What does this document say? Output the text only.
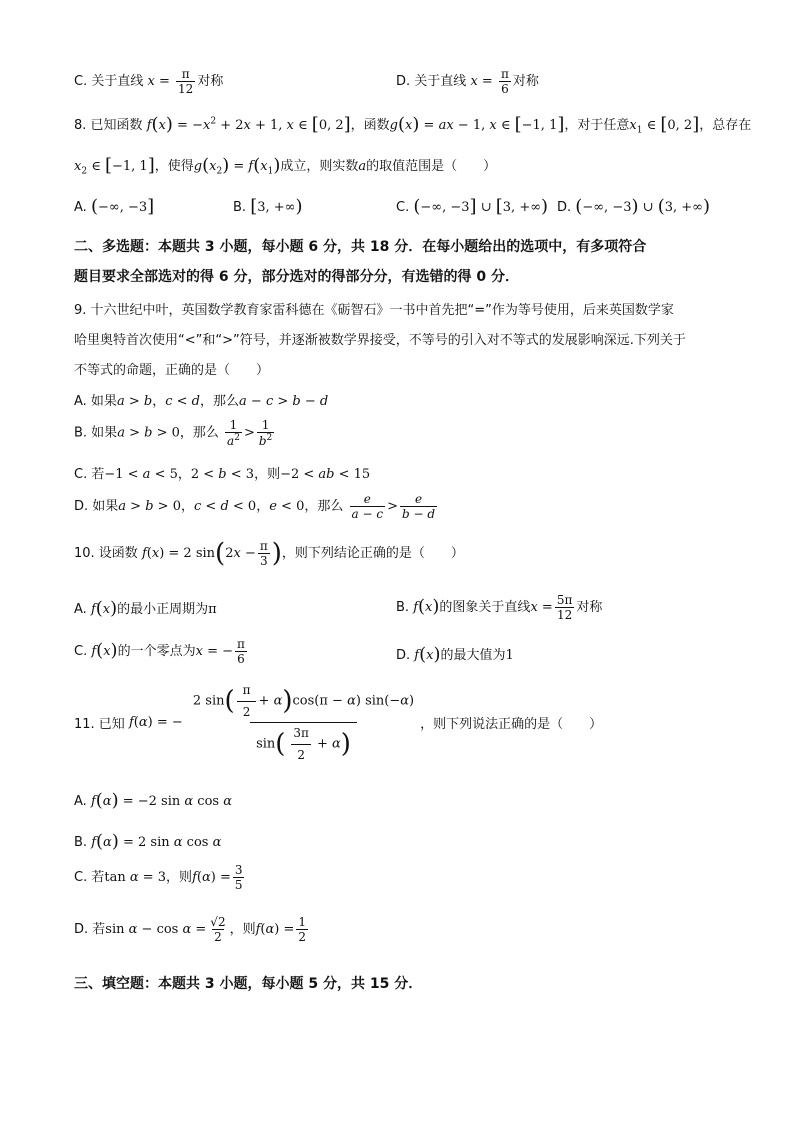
C. 关于直线 $x = \frac{\pi}{12}$ 对称	D. 关于直线 $x = \frac{\pi}{6}$ 对称
8. 已知函数 $f(x) = -x^2 + 2x + 1$, x ∈ [0, 2]，函数g(x) = ax − 1, x ∈ [−1, 1]，对于任意$x_1$ ∈ [0, 2]，总存在
$x_2$ ∈ [−1, 1]，使得$g(x_2) = f(x_1)$成立，则实数a的取值范围是（　　）
A. (−∞, −3]	B. [3, +∞)	C. (−∞, −3] ∪ [3, +∞) D. (−∞, −3) ∪ (3, +∞)
二、多选题：本题共 3 小题，每小题 6 分，共 18 分．在每小题给出的选项中，有多项符合
题目要求全部选对的得 6 分，部分选对的得部分分，有选错的得 0 分．
9. 十六世纪中叶，英国数学教育家雷科德在《砺智石》一书中首先把“=”作为等号使用，后来英国数学家
哈里奥特首次使用“<”和“>”符号，并逐渐被数学界接受，不等号的引入对不等式的发展影响深远.下列关于
不等式的命题，正确的是（　　）
A. 如果a > b，c < d，那么a − c > b − d
B. 如果a > b > 0，那么 $\frac{1}{a^2} > \frac{1}{b^2}$
C. 若−1 < a < 5，2 < b < 3，则−2 < ab < 15
D. 如果a > b > 0，c < d < 0，e < 0，那么 $\frac{e}{a - c} > \frac{e}{b - d}$
10. 设函数 f(x) = 2 $\sin(2x - \frac{\pi}{3}$ )，则下列结论正确的是（　　）
A. f(x)的最小正周期为π	B. f(x)的图象关于直线$x = \frac{5\pi}{12}$ 对称
C. f(x)的一个零点为x = − $\frac{\pi}{6}$	D. f(x)的最大值为1
11. 已知 f(α) = − $\frac{2 \sin( \frac{\pi}{2} + \alpha)\cos(\pi - \alpha) \sin(-\alpha)}{\sin( \frac{3\pi}{2} + \alpha)}$ ，则下列说法正确的是（　　）
A. f(α) = −2 sin α cos α
B. f(α) = 2 sin α cos α
C. 若tan α = 3，则$f(\alpha) = \frac{3}{5}$
D. 若$\sin \alpha - \cos \alpha = \frac{√2}{2}$ ，则$f(\alpha) = \frac{1}{2}$
三、填空题：本题共 3 小题，每小题 5 分，共 15 分．
